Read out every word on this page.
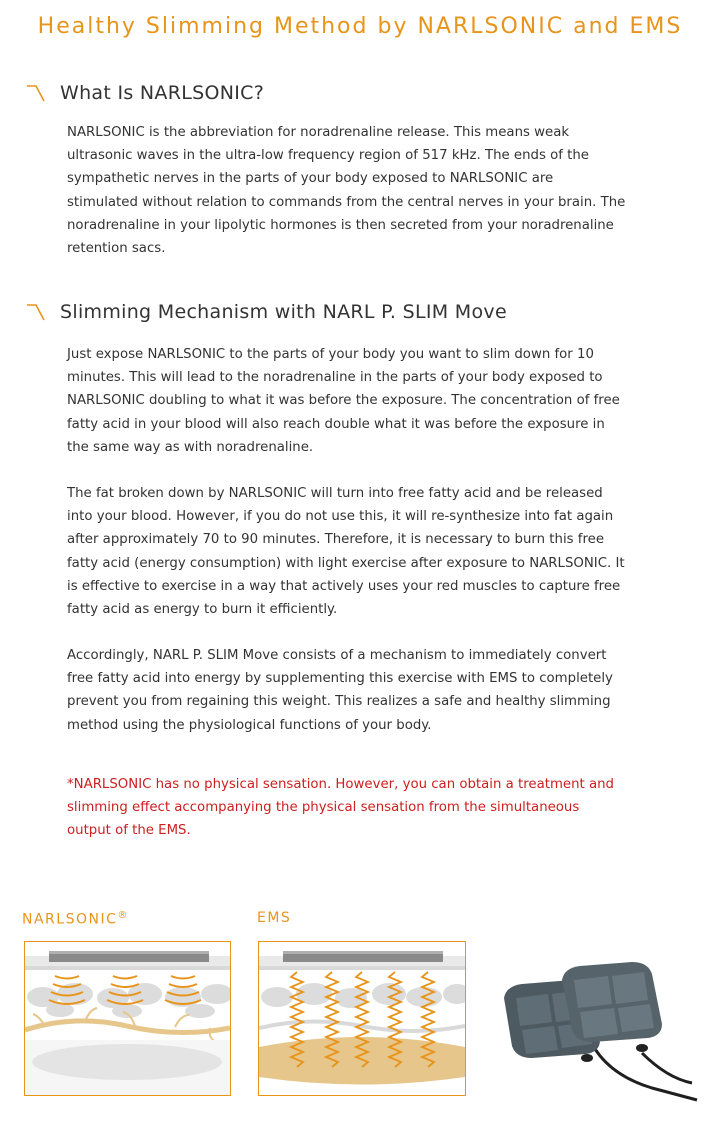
Healthy Slimming Method by NARLSONIC and EMS
What Is NARLSONIC?

NARLSONIC is the abbreviation for noradrenaline release. This means weak ultrasonic waves in the ultra-low frequency region of 517 kHz. The ends of the sympathetic nerves in the parts of your body exposed to NARLSONIC are stimulated without relation to commands from the central nerves in your brain. The noradrenaline in your lipolytic hormones is then secreted from your noradrenaline retention sacs.

Slimming Mechanism with NARL P. SLIM Move

Just expose NARLSONIC to the parts of your body you want to slim down for 10 minutes. This will lead to the noradrenaline in the parts of your body exposed to NARLSONIC doubling to what it was before the exposure. The concentration of free fatty acid in your blood will also reach double what it was before the exposure in the same way as with noradrenaline.

The fat broken down by NARLSONIC will turn into free fatty acid and be released into your blood. However, if you do not use this, it will re-synthesize into fat again after approximately 70 to 90 minutes. Therefore, it is necessary to burn this free fatty acid (energy consumption) with light exercise after exposure to NARLSONIC. It is effective to exercise in a way that actively uses your red muscles to capture free fatty acid as energy to burn it efficiently.

Accordingly, NARL P. SLIM Move consists of a mechanism to immediately convert free fatty acid into energy by supplementing this exercise with EMS to completely prevent you from regaining this weight. This realizes a safe and healthy slimming method using the physiological functions of your body.

*NARLSONIC has no physical sensation. However, you can obtain a treatment and slimming effect accompanying the physical sensation from the simultaneous output of the EMS.

NARLSONIC®	EMS
